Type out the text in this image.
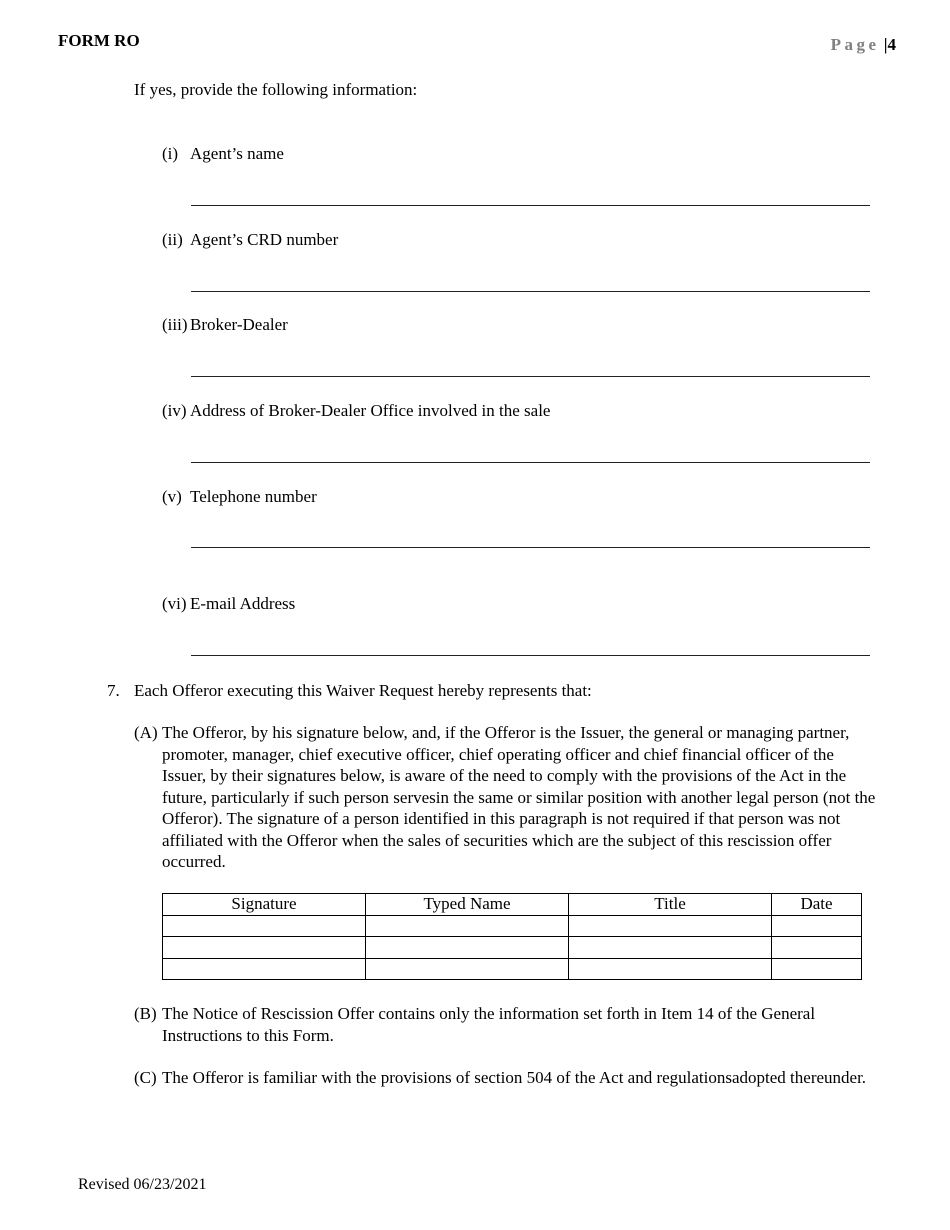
FORM RO	Page |4
If yes, provide the following information:
(i) Agent’s name
(ii) Agent’s CRD number
(iii) Broker-Dealer
(iv) Address of Broker-Dealer Office involved in the sale
(v) Telephone number
(vi) E-mail Address
7. Each Offeror executing this Waiver Request hereby represents that:
(A) The Offeror, by his signature below, and, if the Offeror is the Issuer, the general or managing partner, promoter, manager, chief executive officer, chief operating officer and chief financial officer of the Issuer, by their signatures below, is aware of the need to comply with the provisions of the Act in the future, particularly if such person servesin the same or similar position with another legal person (not the Offeror). The signature of a person identified in this paragraph is not required if that person was not affiliated with the Offeror when the sales of securities which are the subject of this rescission offer occurred.
Signature	Typed Name	Title	Date

(B) The Notice of Rescission Offer contains only the information set forth in Item 14 of the General Instructions to this Form.
(C) The Offeror is familiar with the provisions of section 504 of the Act and regulationsadopted thereunder.
Revised 06/23/2021
